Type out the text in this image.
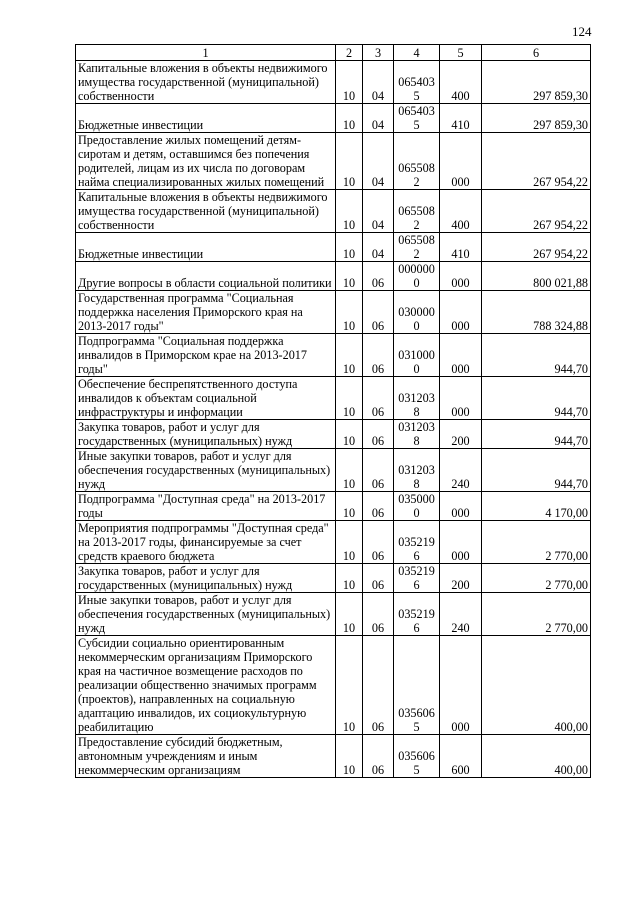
124
1	2	3	4	5	6
Капитальные вложения в объекты недвижимого имущества государственной (муниципальной) собственности	10	04	0654035	400	297 859,30
Бюджетные инвестиции	10	04	0654035	410	297 859,30
Предоставление жилых помещений детям-сиротам и детям, оставшимся без попечения родителей, лицам из их числа по договорам найма специализированных жилых помещений	10	04	0655082	000	267 954,22
Капитальные вложения в объекты недвижимого имущества государственной (муниципальной) собственности	10	04	0655082	400	267 954,22
Бюджетные инвестиции	10	04	0655082	410	267 954,22
Другие вопросы в области социальной политики	10	06	0000000	000	800 021,88
Государственная программа "Социальная поддержка населения Приморского края на 2013-2017 годы"	10	06	0300000	000	788 324,88
Подпрограмма "Социальная поддержка инвалидов в Приморском крае на 2013-2017 годы"	10	06	0310000	000	944,70
Обеспечение беспрепятственного доступа инвалидов к объектам социальной инфраструктуры и информации	10	06	0312038	000	944,70
Закупка товаров, работ и услуг для государственных (муниципальных) нужд	10	06	0312038	200	944,70
Иные закупки товаров, работ и услуг для обеспечения государственных (муниципальных) нужд	10	06	0312038	240	944,70
Подпрограмма "Доступная среда" на 2013-2017 годы	10	06	0350000	000	4 170,00
Мероприятия подпрограммы "Доступная среда" на 2013-2017 годы, финансируемые за счет средств краевого бюджета	10	06	0352196	000	2 770,00
Закупка товаров, работ и услуг для государственных (муниципальных) нужд	10	06	0352196	200	2 770,00
Иные закупки товаров, работ и услуг для обеспечения государственных (муниципальных) нужд	10	06	0352196	240	2 770,00
Субсидии социально ориентированным некоммерческим организациям Приморского края на частичное возмещение расходов по реализации общественно значимых программ (проектов), направленных на социальную адаптацию инвалидов, их социокультурную реабилитацию	10	06	0356065	000	400,00
Предоставление субсидий бюджетным, автономным учреждениям и иным некоммерческим организациям	10	06	0356065	600	400,00
